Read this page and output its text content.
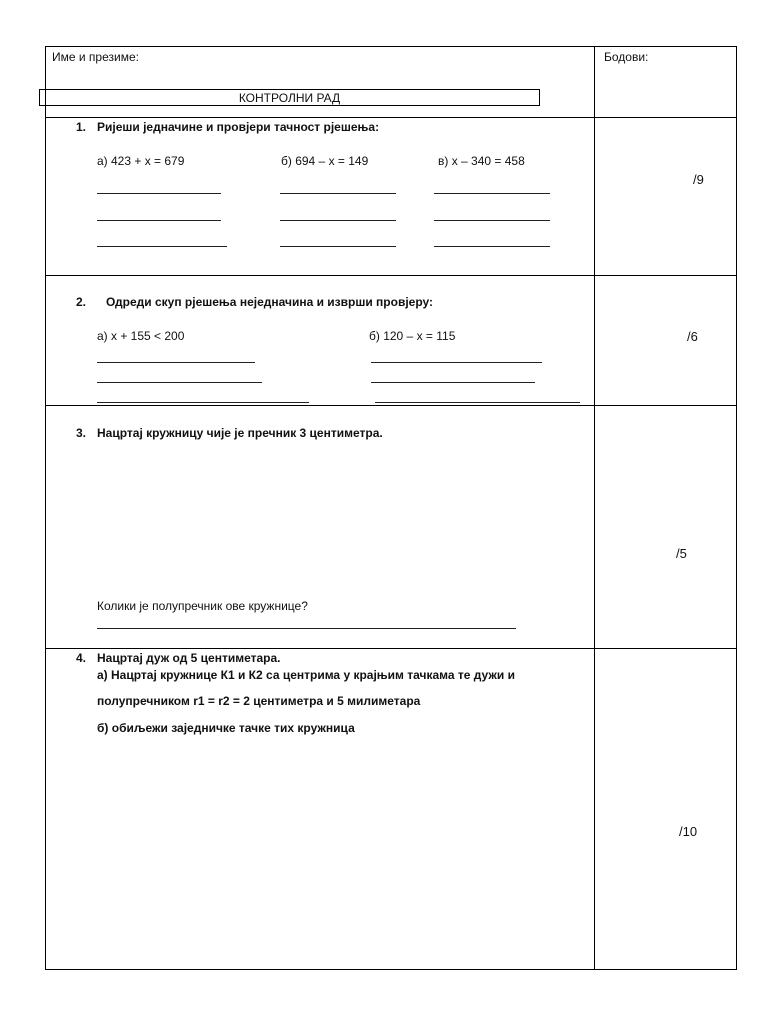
Име и презиме:	Бодови:
КОНТРОЛНИ РАД
1. Риjеши jедначине и провjери тачност рjешења:
а) 423 + x = 679	б) 694 – x = 149	в) x – 340 = 458
/9
2. Одреди скуп рjешења неjедначина и изврши провjеру:
а) x + 155 < 200	б) 120 – x = 115	/6
3. Нацртаj кружницу чиjе jе пречник 3 центиметра.
Колики jе полупречник ове кружнице?
/5
4. Нацртаj дуж од 5 центиметара.
а) Нацртаj кружнице К1 и К2 са центрима у краjњим тачкама те дужи и
полупречником r1 = r2 = 2 центиметра и 5 милиметара
б) обиљежи заjедничке тачке тих кружница
/10
